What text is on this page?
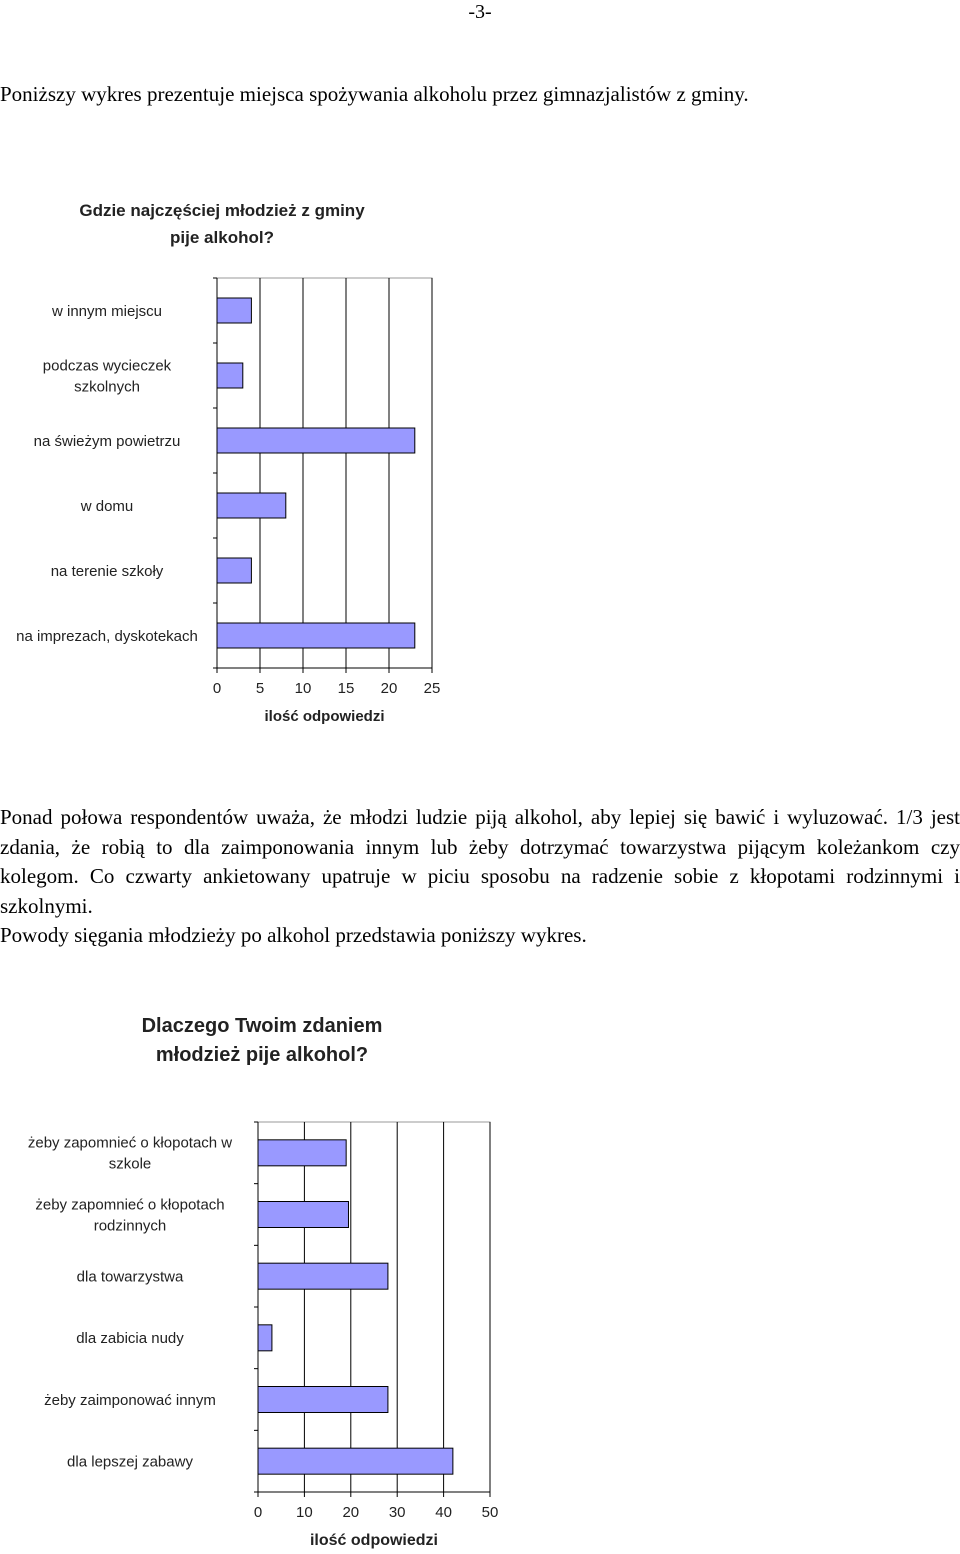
-3-

Poniższy wykres prezentuje miejsca spożywania alkoholu przez gimnazjalistów z gminy.

Gdzie najczęściej młodzież z gminy
pije alkohol?
0 5 10 15 20 25
w innym miejscu
podczas wycieczek
szkolnych
na świeżym powietrzu
w domu
na terenie szkoły
na imprezach, dyskotekach
ilość odpowiedzi

Ponad połowa respondentów uważa, że młodzi ludzie piją alkohol, aby lepiej się bawić i wyluzować. 1/3 jest zdania, że robią to dla zaimponowania innym lub żeby dotrzymać towarzystwa pijącym koleżankom czy kolegom. Co czwarty ankietowany upatruje w piciu sposobu na radzenie sobie z kłopotami rodzinnymi i szkolnymi.

Powody sięgania młodzieży po alkohol przedstawia poniższy wykres.

Dlaczego Twoim zdaniem
młodzież pije alkohol?
0 10 20 30 40 50
żeby zapomnieć o kłopotach w
szkole
żeby zapomnieć o kłopotach
rodzinnych
dla towarzystwa
dla zabicia nudy
żeby zaimponować innym
dla lepszej zabawy
ilość odpowiedzi
